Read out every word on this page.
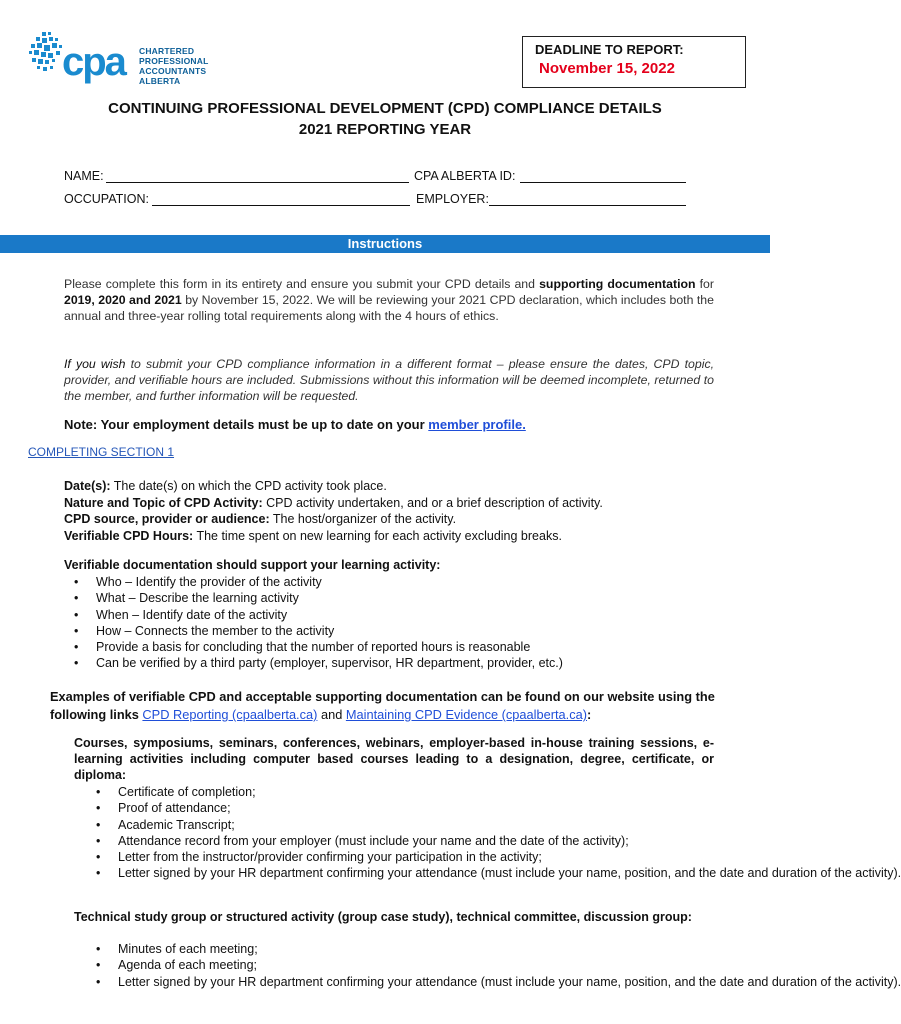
cpa CHARTERED
PROFESSIONAL
ACCOUNTANTS
ALBERTA
DEADLINE TO REPORT:
November 15, 2022
CONTINUING PROFESSIONAL DEVELOPMENT (CPD) COMPLIANCE DETAILS
2021 REPORTING YEAR
NAME:	CPA ALBERTA ID:
OCCUPATION:	EMPLOYER:
Instructions
Please complete this form in its entirety and ensure you submit your CPD details and supporting documentation for 2019, 2020 and 2021 by November 15, 2022. We will be reviewing your 2021 CPD declaration, which includes both the annual and three-year rolling total requirements along with the 4 hours of ethics.
If you wish to submit your CPD compliance information in a different format – please ensure the dates, CPD topic, provider, and verifiable hours are included. Submissions without this information will be deemed incomplete, returned to the member, and further information will be requested.
Note: Your employment details must be up to date on your member profile.
COMPLETING SECTION 1
Date(s): The date(s) on which the CPD activity took place.
Nature and Topic of CPD Activity: CPD activity undertaken, and or a brief description of activity.
CPD source, provider or audience: The host/organizer of the activity.
Verifiable CPD Hours: The time spent on new learning for each activity excluding breaks.
Verifiable documentation should support your learning activity:
• Who – Identify the provider of the activity
• What – Describe the learning activity
• When – Identify date of the activity
• How – Connects the member to the activity
• Provide a basis for concluding that the number of reported hours is reasonable
• Can be verified by a third party (employer, supervisor, HR department, provider, etc.)
Examples of verifiable CPD and acceptable supporting documentation can be found on our website using the following links CPD Reporting (cpaalberta.ca) and Maintaining CPD Evidence (cpaalberta.ca):
Courses, symposiums, seminars, conferences, webinars, employer-based in-house training sessions, e-learning activities including computer based courses leading to a designation, degree, certificate, or diploma:
• Certificate of completion;
• Proof of attendance;
• Academic Transcript;
• Attendance record from your employer (must include your name and the date of the activity);
• Letter from the instructor/provider confirming your participation in the activity;
• Letter signed by your HR department confirming your attendance (must include your name, position, and the date and duration of the activity).
Technical study group or structured activity (group case study), technical committee, discussion group:
• Minutes of each meeting;
• Agenda of each meeting;
• Letter signed by your HR department confirming your attendance (must include your name, position, and the date and duration of the activity).
